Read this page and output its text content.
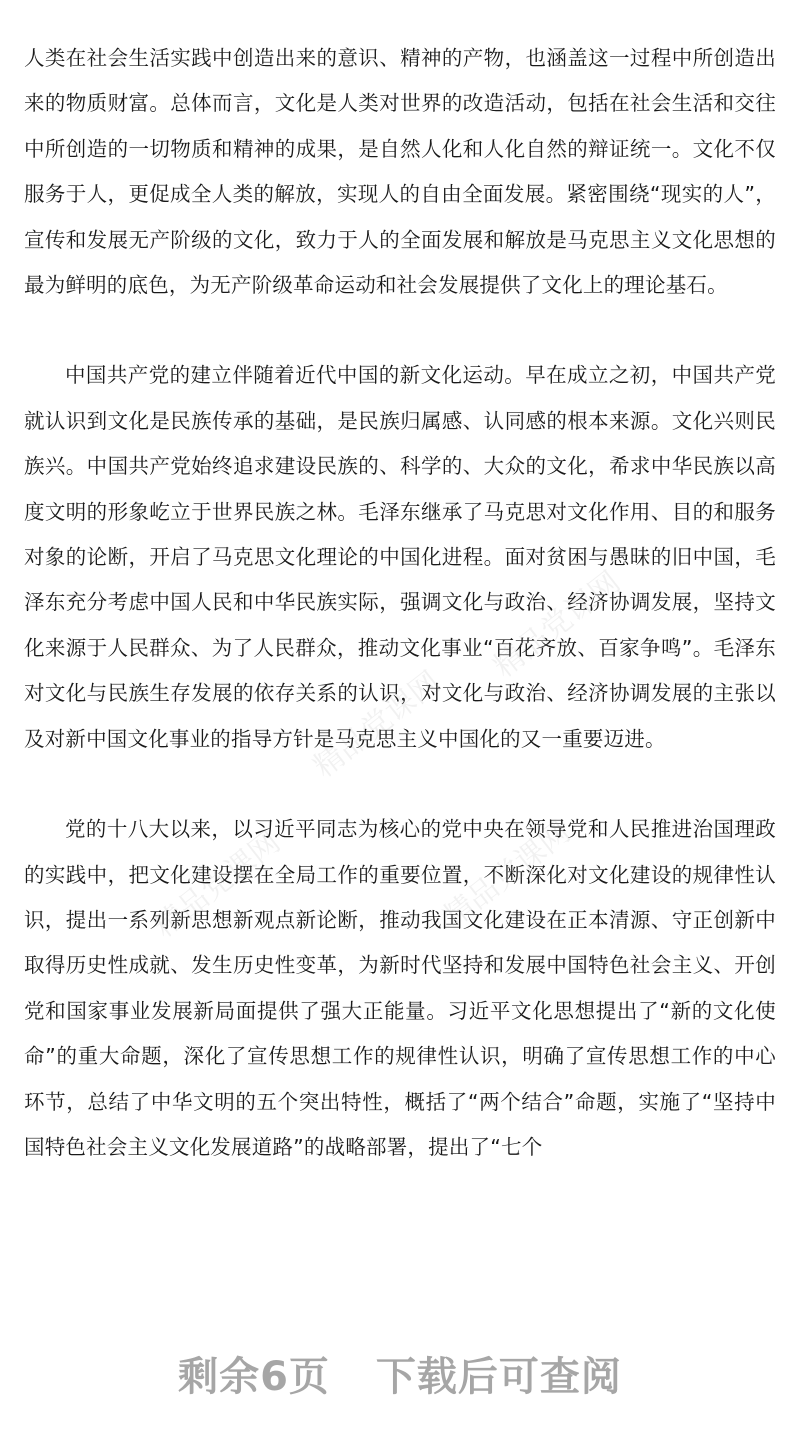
人类在社会生活实践中创造出来的意识、精神的产物，也涵盖这一过程中所创造出来的物质财富。总体而言，文化是人类对世界的改造活动，包括在社会生活和交往中所创造的一切物质和精神的成果，是自然人化和人化自然的辩证统一。文化不仅服务于人，更促成全人类的解放，实现人的自由全面发展。紧密围绕“现实的人”，宣传和发展无产阶级的文化，致力于人的全面发展和解放是马克思主义文化思想的最为鲜明的底色，为无产阶级革命运动和社会发展提供了文化上的理论基石。

中国共产党的建立伴随着近代中国的新文化运动。早在成立之初，中国共产党就认识到文化是民族传承的基础，是民族归属感、认同感的根本来源。文化兴则民族兴。中国共产党始终追求建设民族的、科学的、大众的文化，希求中华民族以高度文明的形象屹立于世界民族之林。毛泽东继承了马克思对文化作用、目的和服务对象的论断，开启了马克思文化理论的中国化进程。面对贫困与愚昧的旧中国，毛泽东充分考虑中国人民和中华民族实际，强调文化与政治、经济协调发展，坚持文化来源于人民群众、为了人民群众，推动文化事业“百花齐放、百家争鸣”。毛泽东对文化与民族生存发展的依存关系的认识，对文化与政治、经济协调发展的主张以及对新中国文化事业的指导方针是马克思主义中国化的又一重要迈进。

党的十八大以来，以习近平同志为核心的党中央在领导党和人民推进治国理政的实践中，把文化建设摆在全局工作的重要位置，不断深化对文化建设的规律性认识，提出一系列新思想新观点新论断，推动我国文化建设在正本清源、守正创新中取得历史性成就、发生历史性变革，为新时代坚持和发展中国特色社会主义、开创党和国家事业发展新局面提供了强大正能量。习近平文化思想提出了“新的文化使命”的重大命题，深化了宣传思想工作的规律性认识，明确了宣传思想工作的中心环节，总结了中华文明的五个突出特性，概括了“两个结合”命题，实施了“坚持中国特色社会主义文化发展道路”的战略部署，提出了“七个

精品党课网
精品党课网
精品党课网	精品党课网
剩余6页 下载后可查阅
